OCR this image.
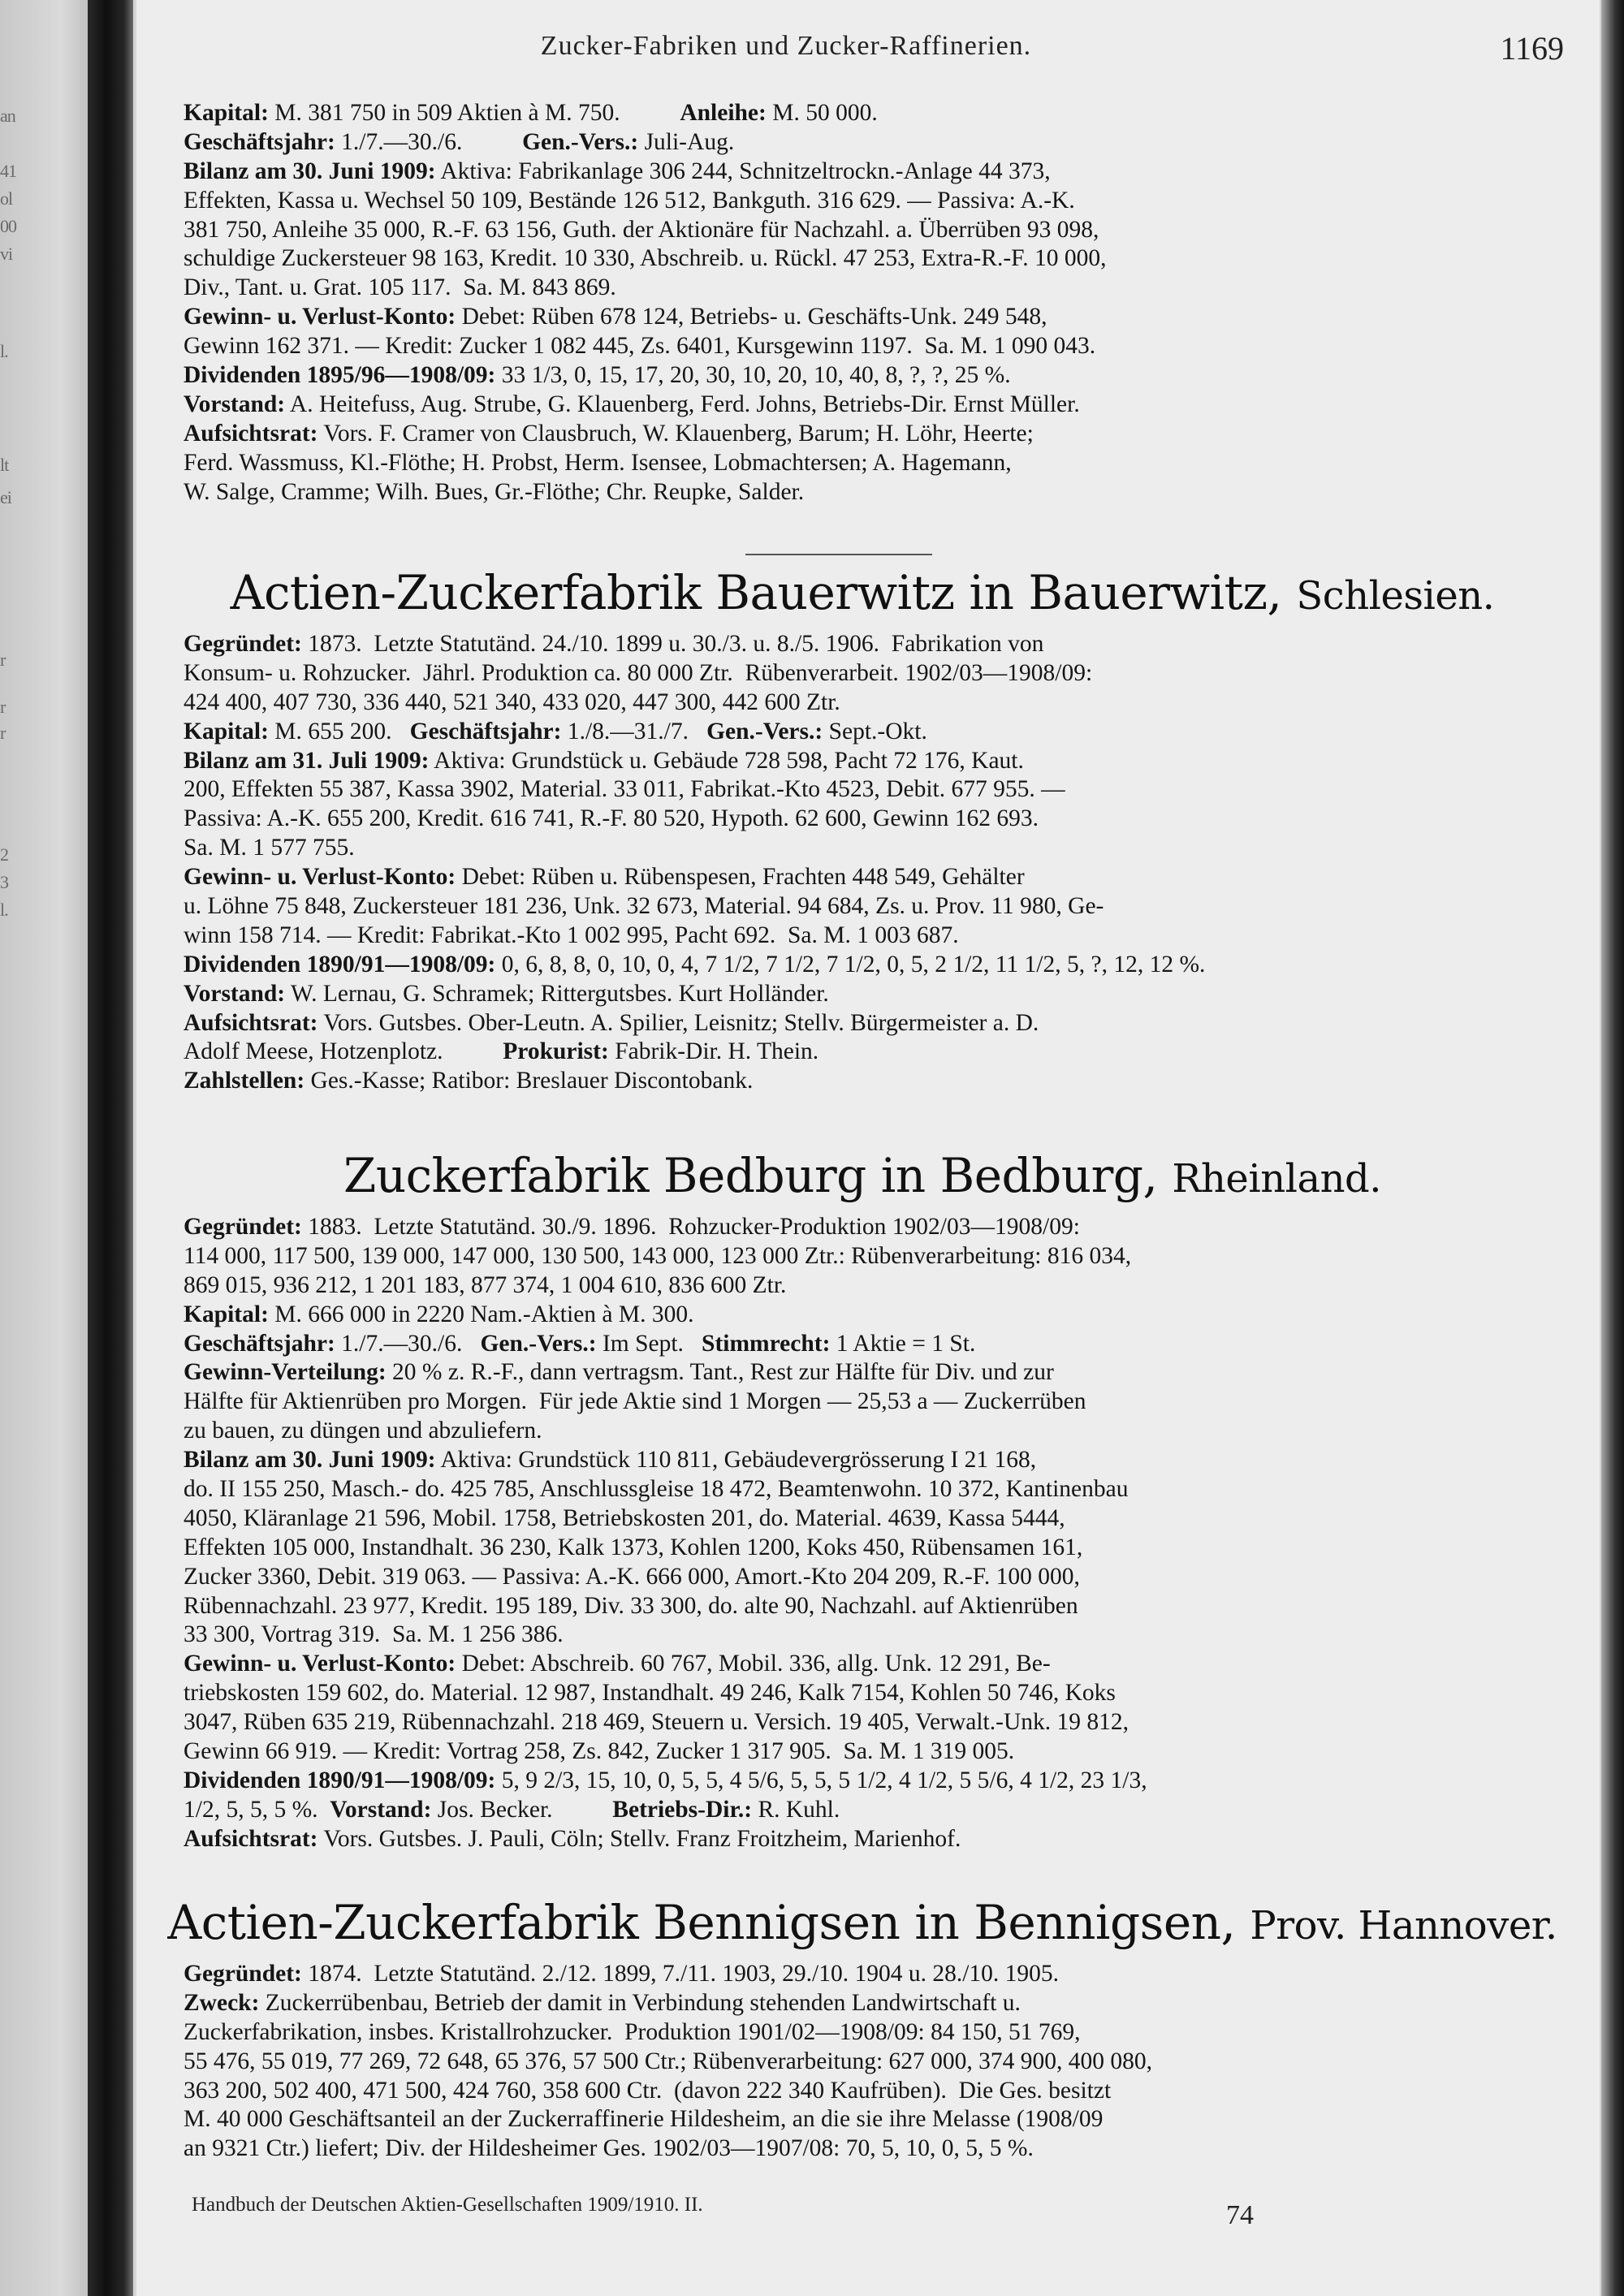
an
41
ol
00
vi
l.
lt
ei
r
r
r
2
3
l.
Zucker-Fabriken und Zucker-Raffinerien.	1169
Kapital: M. 381 750 in 509 Aktien à M. 750. Anleihe: M. 50 000.
Geschäftsjahr: 1./7.—30./6. Gen.-Vers.: Juli-Aug.
Bilanz am 30. Juni 1909: Aktiva: Fabrikanlage 306 244, Schnitzeltrockn.-Anlage 44 373,
Effekten, Kassa u. Wechsel 50 109, Bestände 126 512, Bankguth. 316 629. — Passiva: A.-K.
381 750, Anleihe 35 000, R.-F. 63 156, Guth. der Aktionäre für Nachzahl. a. Überrüben 93 098,
schuldige Zuckersteuer 98 163, Kredit. 10 330, Abschreib. u. Rückl. 47 253, Extra-R.-F. 10 000,
Div., Tant. u. Grat. 105 117.  Sa. M. 843 869.
Gewinn- u. Verlust-Konto: Debet: Rüben 678 124, Betriebs- u. Geschäfts-Unk. 249 548,
Gewinn 162 371. — Kredit: Zucker 1 082 445, Zs. 6401, Kursgewinn 1197.  Sa. M. 1 090 043.
Dividenden 1895/96—1908/09: 33 1/3, 0, 15, 17, 20, 30, 10, 20, 10, 40, 8, ?, ?, 25 %.
Vorstand: A. Heitefuss, Aug. Strube, G. Klauenberg, Ferd. Johns, Betriebs-Dir. Ernst Müller.
Aufsichtsrat: Vors. F. Cramer von Clausbruch, W. Klauenberg, Barum; H. Löhr, Heerte;
Ferd. Wassmuss, Kl.-Flöthe; H. Probst, Herm. Isensee, Lobmachtersen; A. Hagemann,
W. Salge, Cramme; Wilh. Bues, Gr.-Flöthe; Chr. Reupke, Salder.
Actien-Zuckerfabrik Bauerwitz in Bauerwitz, Schlesien.
Gegründet: 1873.  Letzte Statutänd. 24./10. 1899 u. 30./3. u. 8./5. 1906.  Fabrikation von
Konsum- u. Rohzucker.  Jährl. Produktion ca. 80 000 Ztr.  Rübenverarbeit. 1902/03—1908/09:
424 400, 407 730, 336 440, 521 340, 433 020, 447 300, 442 600 Ztr.
Kapital: M. 655 200. Geschäftsjahr: 1./8.—31./7. Gen.-Vers.: Sept.-Okt.
Bilanz am 31. Juli 1909: Aktiva: Grundstück u. Gebäude 728 598, Pacht 72 176, Kaut.
200, Effekten 55 387, Kassa 3902, Material. 33 011, Fabrikat.-Kto 4523, Debit. 677 955. —
Passiva: A.-K. 655 200, Kredit. 616 741, R.-F. 80 520, Hypoth. 62 600, Gewinn 162 693.
Sa. M. 1 577 755.
Gewinn- u. Verlust-Konto: Debet: Rüben u. Rübenspesen, Frachten 448 549, Gehälter
u. Löhne 75 848, Zuckersteuer 181 236, Unk. 32 673, Material. 94 684, Zs. u. Prov. 11 980, Ge-
winn 158 714. — Kredit: Fabrikat.-Kto 1 002 995, Pacht 692.  Sa. M. 1 003 687.
Dividenden 1890/91—1908/09: 0, 6, 8, 8, 0, 10, 0, 4, 7 1/2, 7 1/2, 7 1/2, 0, 5, 2 1/2, 11 1/2, 5, ?, 12, 12 %.
Vorstand: W. Lernau, G. Schramek; Rittergutsbes. Kurt Holländer.
Aufsichtsrat: Vors. Gutsbes. Ober-Leutn. A. Spilier, Leisnitz; Stellv. Bürgermeister a. D.
Adolf Meese, Hotzenplotz. Prokurist: Fabrik-Dir. H. Thein.
Zahlstellen: Ges.-Kasse; Ratibor: Breslauer Discontobank.
Zuckerfabrik Bedburg in Bedburg, Rheinland.
Gegründet: 1883.  Letzte Statutänd. 30./9. 1896.  Rohzucker-Produktion 1902/03—1908/09:
114 000, 117 500, 139 000, 147 000, 130 500, 143 000, 123 000 Ztr.: Rübenverarbeitung: 816 034,
869 015, 936 212, 1 201 183, 877 374, 1 004 610, 836 600 Ztr.
Kapital: M. 666 000 in 2220 Nam.-Aktien à M. 300.
Geschäftsjahr: 1./7.—30./6. Gen.-Vers.: Im Sept. Stimmrecht: 1 Aktie = 1 St.
Gewinn-Verteilung: 20 % z. R.-F., dann vertragsm. Tant., Rest zur Hälfte für Div. und zur
Hälfte für Aktienrüben pro Morgen.  Für jede Aktie sind 1 Morgen — 25,53 a — Zuckerrüben
zu bauen, zu düngen und abzuliefern.
Bilanz am 30. Juni 1909: Aktiva: Grundstück 110 811, Gebäudevergrösserung I 21 168,
do. II 155 250, Masch.- do. 425 785, Anschlussgleise 18 472, Beamtenwohn. 10 372, Kantinenbau
4050, Kläranlage 21 596, Mobil. 1758, Betriebskosten 201, do. Material. 4639, Kassa 5444,
Effekten 105 000, Instandhalt. 36 230, Kalk 1373, Kohlen 1200, Koks 450, Rübensamen 161,
Zucker 3360, Debit. 319 063. — Passiva: A.-K. 666 000, Amort.-Kto 204 209, R.-F. 100 000,
Rübennachzahl. 23 977, Kredit. 195 189, Div. 33 300, do. alte 90, Nachzahl. auf Aktienrüben
33 300, Vortrag 319.  Sa. M. 1 256 386.
Gewinn- u. Verlust-Konto: Debet: Abschreib. 60 767, Mobil. 336, allg. Unk. 12 291, Be-
triebskosten 159 602, do. Material. 12 987, Instandhalt. 49 246, Kalk 7154, Kohlen 50 746, Koks
3047, Rüben 635 219, Rübennachzahl. 218 469, Steuern u. Versich. 19 405, Verwalt.-Unk. 19 812,
Gewinn 66 919. — Kredit: Vortrag 258, Zs. 842, Zucker 1 317 905.  Sa. M. 1 319 005.
Dividenden 1890/91—1908/09: 5, 9 2/3, 15, 10, 0, 5, 5, 4 5/6, 5, 5, 5 1/2, 4 1/2, 5 5/6, 4 1/2, 23 1/3,
1/2, 5, 5, 5 %. Vorstand: Jos. Becker. Betriebs-Dir.: R. Kuhl.
Aufsichtsrat: Vors. Gutsbes. J. Pauli, Cöln; Stellv. Franz Froitzheim, Marienhof.
Actien-Zuckerfabrik Bennigsen in Bennigsen, Prov. Hannover.
Gegründet: 1874.  Letzte Statutänd. 2./12. 1899, 7./11. 1903, 29./10. 1904 u. 28./10. 1905.
Zweck: Zuckerrübenbau, Betrieb der damit in Verbindung stehenden Landwirtschaft u.
Zuckerfabrikation, insbes. Kristallrohzucker.  Produktion 1901/02—1908/09: 84 150, 51 769,
55 476, 55 019, 77 269, 72 648, 65 376, 57 500 Ctr.; Rübenverarbeitung: 627 000, 374 900, 400 080,
363 200, 502 400, 471 500, 424 760, 358 600 Ctr.  (davon 222 340 Kaufrüben).  Die Ges. besitzt
M. 40 000 Geschäftsanteil an der Zuckerraffinerie Hildesheim, an die sie ihre Melasse (1908/09
an 9321 Ctr.) liefert; Div. der Hildesheimer Ges. 1902/03—1907/08: 70, 5, 10, 0, 5, 5 %.
Handbuch der Deutschen Aktien-Gesellschaften 1909/1910. II.	74
